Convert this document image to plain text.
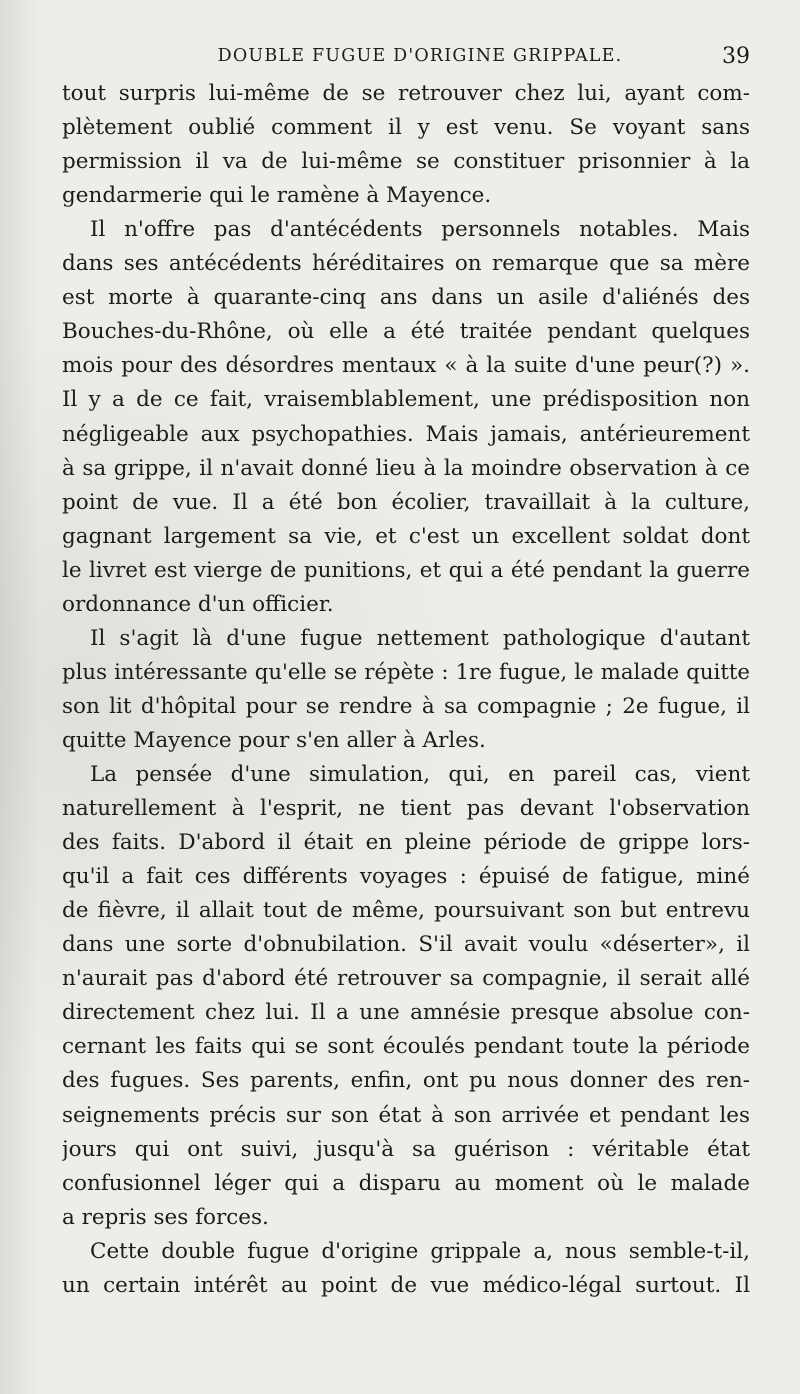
DOUBLE FUGUE D'ORIGINE GRIPPALE.	39
tout surpris lui-même de se retrouver chez lui, ayant com-
plètement oublié comment il y est venu. Se voyant sans
permission il va de lui-même se constituer prisonnier à la
gendarmerie qui le ramène à Mayence.
Il n'offre pas d'antécédents personnels notables. Mais
dans ses antécédents héréditaires on remarque que sa mère
est morte à quarante-cinq ans dans un asile d'aliénés des
Bouches-du-Rhône, où elle a été traitée pendant quelques
mois pour des désordres mentaux « à la suite d'une peur(?) ».
Il y a de ce fait, vraisemblablement, une prédisposition non
négligeable aux psychopathies. Mais jamais, antérieurement
à sa grippe, il n'avait donné lieu à la moindre observation à ce
point de vue. Il a été bon écolier, travaillait à la culture,
gagnant largement sa vie, et c'est un excellent soldat dont
le livret est vierge de punitions, et qui a été pendant la guerre
ordonnance d'un officier.
Il s'agit là d'une fugue nettement pathologique d'autant
plus intéressante qu'elle se répète : 1re fugue, le malade quitte
son lit d'hôpital pour se rendre à sa compagnie ; 2e fugue, il
quitte Mayence pour s'en aller à Arles.
La pensée d'une simulation, qui, en pareil cas, vient
naturellement à l'esprit, ne tient pas devant l'observation
des faits. D'abord il était en pleine période de grippe lors-
qu'il a fait ces différents voyages : épuisé de fatigue, miné
de fièvre, il allait tout de même, poursuivant son but entrevu
dans une sorte d'obnubilation. S'il avait voulu «déserter», il
n'aurait pas d'abord été retrouver sa compagnie, il serait allé
directement chez lui. Il a une amnésie presque absolue con-
cernant les faits qui se sont écoulés pendant toute la période
des fugues. Ses parents, enfin, ont pu nous donner des ren-
seignements précis sur son état à son arrivée et pendant les
jours qui ont suivi, jusqu'à sa guérison : véritable état
confusionnel léger qui a disparu au moment où le malade
a repris ses forces.
Cette double fugue d'origine grippale a, nous semble-t-il,
un certain intérêt au point de vue médico-légal surtout. Il
